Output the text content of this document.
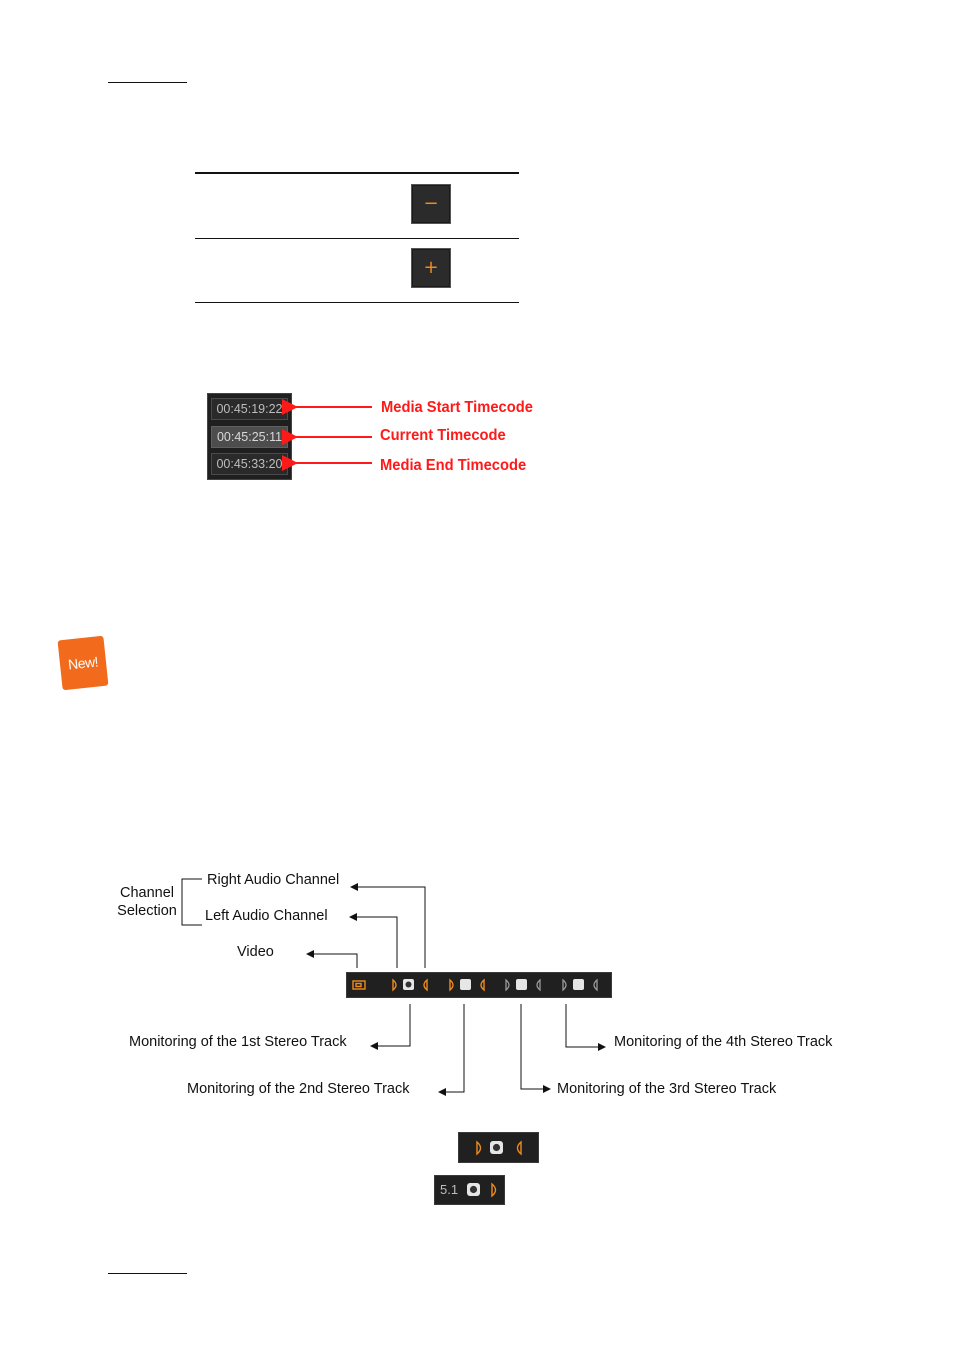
−
+
00:45:19:22
00:45:25:11
00:45:33:20
Media Start Timecode
Current Timecode
Media End Timecode
New!
Channel
Selection
Right Audio Channel
Left Audio Channel
Video
Monitoring of the 1st Stereo Track
Monitoring of the 2nd Stereo Track	Monitoring of the 3rd Stereo Track
Monitoring of the 4th Stereo Track
5.1
